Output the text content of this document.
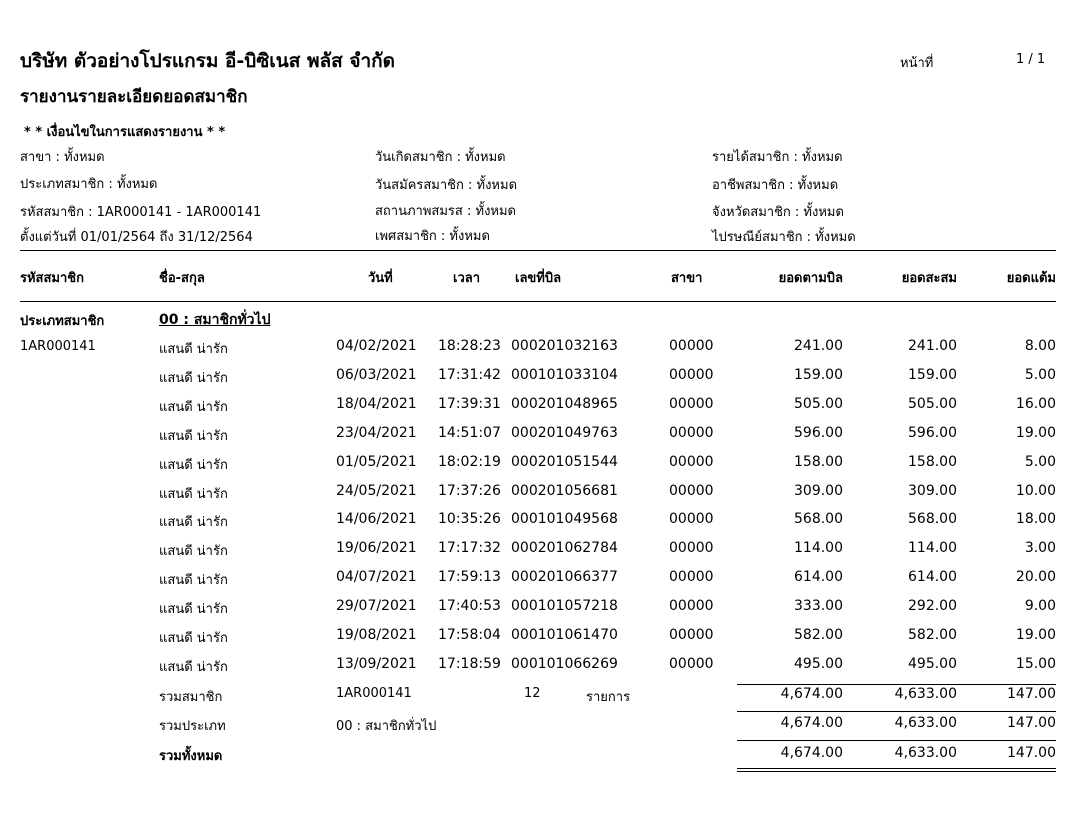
บริษัท ตัวอย่างโปรแกรม อี-บิซิเนส พลัส จำกัด
รายงานรายละเอียดยอดสมาชิก
หน้าที่	1 / 1
* * เงื่อนไขในการแสดงรายงาน * *
สาขา : ทั้งหมด
ประเภทสมาชิก : ทั้งหมด
รหัสสมาชิก : 1AR000141 - 1AR000141
ตั้งแต่วันที่ 01/01/2564 ถึง 31/12/2564
วันเกิดสมาชิก : ทั้งหมด
วันสมัครสมาชิก : ทั้งหมด
สถานภาพสมรส : ทั้งหมด
เพศสมาชิก : ทั้งหมด
รายได้สมาชิก : ทั้งหมด
อาชีพสมาชิก : ทั้งหมด
จังหวัดสมาชิก : ทั้งหมด
ไปรษณีย์สมาชิก : ทั้งหมด
รหัสสมาชิก	ชื่อ-สกุล	วันที่	เวลา	เลขที่บิล	สาขา	ยอดตามบิล	ยอดสะสม	ยอดแต้ม
ประเภทสมาชิก	00 : สมาชิกทั่วไป
1AR000141	แสนดี น่ารัก	04/02/2021 18:28:23 000201032163	00000	241.00	241.00	8.00
แสนดี น่ารัก	06/03/2021 17:31:42 000101033104	00000	159.00	159.00	5.00
แสนดี น่ารัก	18/04/2021 17:39:31 000201048965	00000	505.00	505.00	16.00
แสนดี น่ารัก	23/04/2021 14:51:07 000201049763	00000	596.00	596.00	19.00
แสนดี น่ารัก	01/05/2021 18:02:19 000201051544	00000	158.00	158.00	5.00
แสนดี น่ารัก	24/05/2021 17:37:26 000201056681	00000	309.00	309.00	10.00
แสนดี น่ารัก	14/06/2021 10:35:26 000101049568	00000	568.00	568.00	18.00
แสนดี น่ารัก	19/06/2021 17:17:32 000201062784	00000	114.00	114.00	3.00
แสนดี น่ารัก	04/07/2021 17:59:13 000201066377	00000	614.00	614.00	20.00
แสนดี น่ารัก	29/07/2021 17:40:53 000101057218	00000	333.00	292.00	9.00
แสนดี น่ารัก	19/08/2021 17:58:04 000101061470	00000	582.00	582.00	19.00
แสนดี น่ารัก	13/09/2021 17:18:59 000101066269	00000	495.00	495.00	15.00
รวมสมาชิก	1AR000141	12	รายการ	4,674.00	4,633.00	147.00
รวมประเภท	00 : สมาชิกทั่วไป	4,674.00	4,633.00	147.00
รวมทั้งหมด	4,674.00	4,633.00	147.00
